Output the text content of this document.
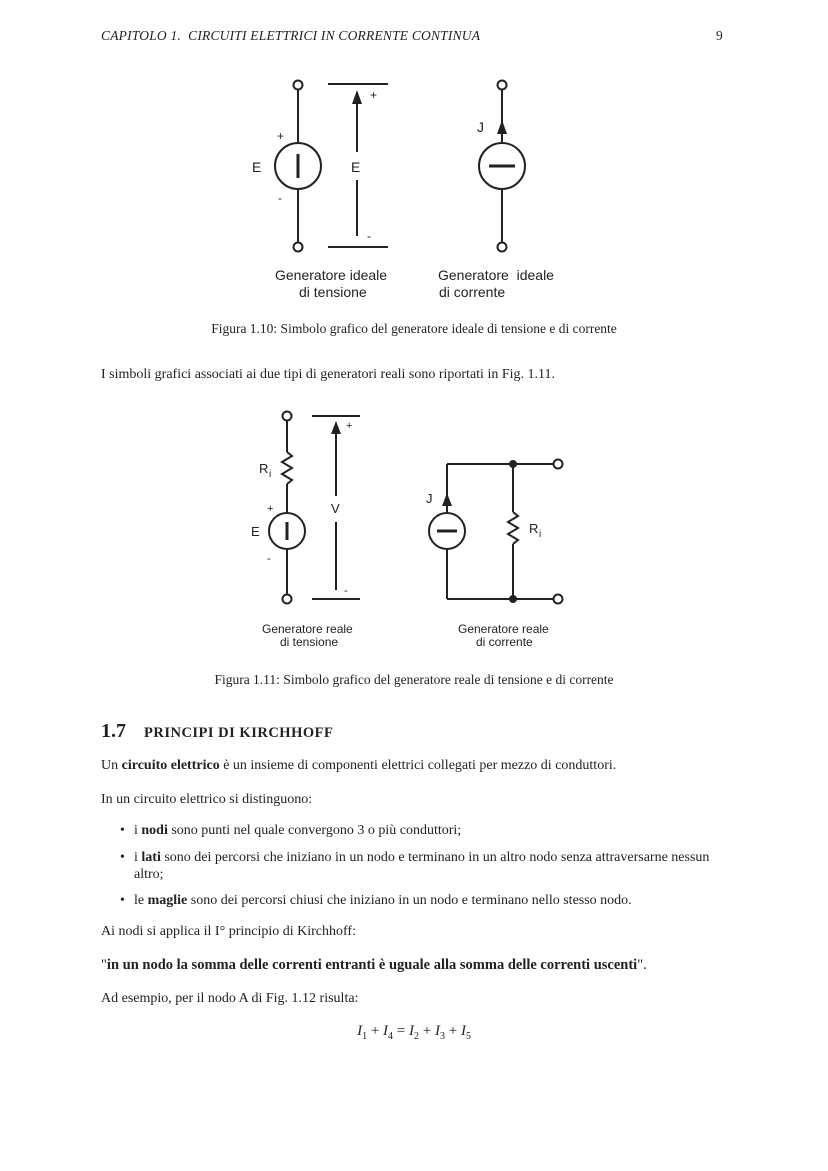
CAPITOLO 1.  CIRCUITI ELETTRICI IN CORRENTE CONTINUA	9
+
E
-
E
+
-
J
Generatore ideale
di tensione
Generatore  ideale
di corrente
Figura 1.10: Simbolo grafico del generatore ideale di tensione e di corrente
I simboli grafici associati ai due tipi di generatori reali sono riportati in Fig. 1.11.
R i
+
E
-
V
+
-
J
R i
Generatore reale
di tensione
Generatore reale
di corrente
Figura 1.11: Simbolo grafico del generatore reale di tensione e di corrente
1.7 PRINCIPI DI KIRCHHOFF
Un circuito elettrico è un insieme di componenti elettrici collegati per mezzo di conduttori.
In un circuito elettrico si distinguono:
• i nodi sono punti nel quale convergono 3 o più conduttori;
• i lati sono dei percorsi che iniziano in un nodo e terminano in un altro nodo senza attraversarne nessun altro;
• le maglie sono dei percorsi chiusi che iniziano in un nodo e terminano nello stesso nodo.
Ai nodi si applica il I° principio di Kirchhoff:
"in un nodo la somma delle correnti entranti è uguale alla somma delle correnti uscenti".
Ad esempio, per il nodo A di Fig. 1.12 risulta:
$I_1 + I_4 = I_2 + I_3 + I_5$
